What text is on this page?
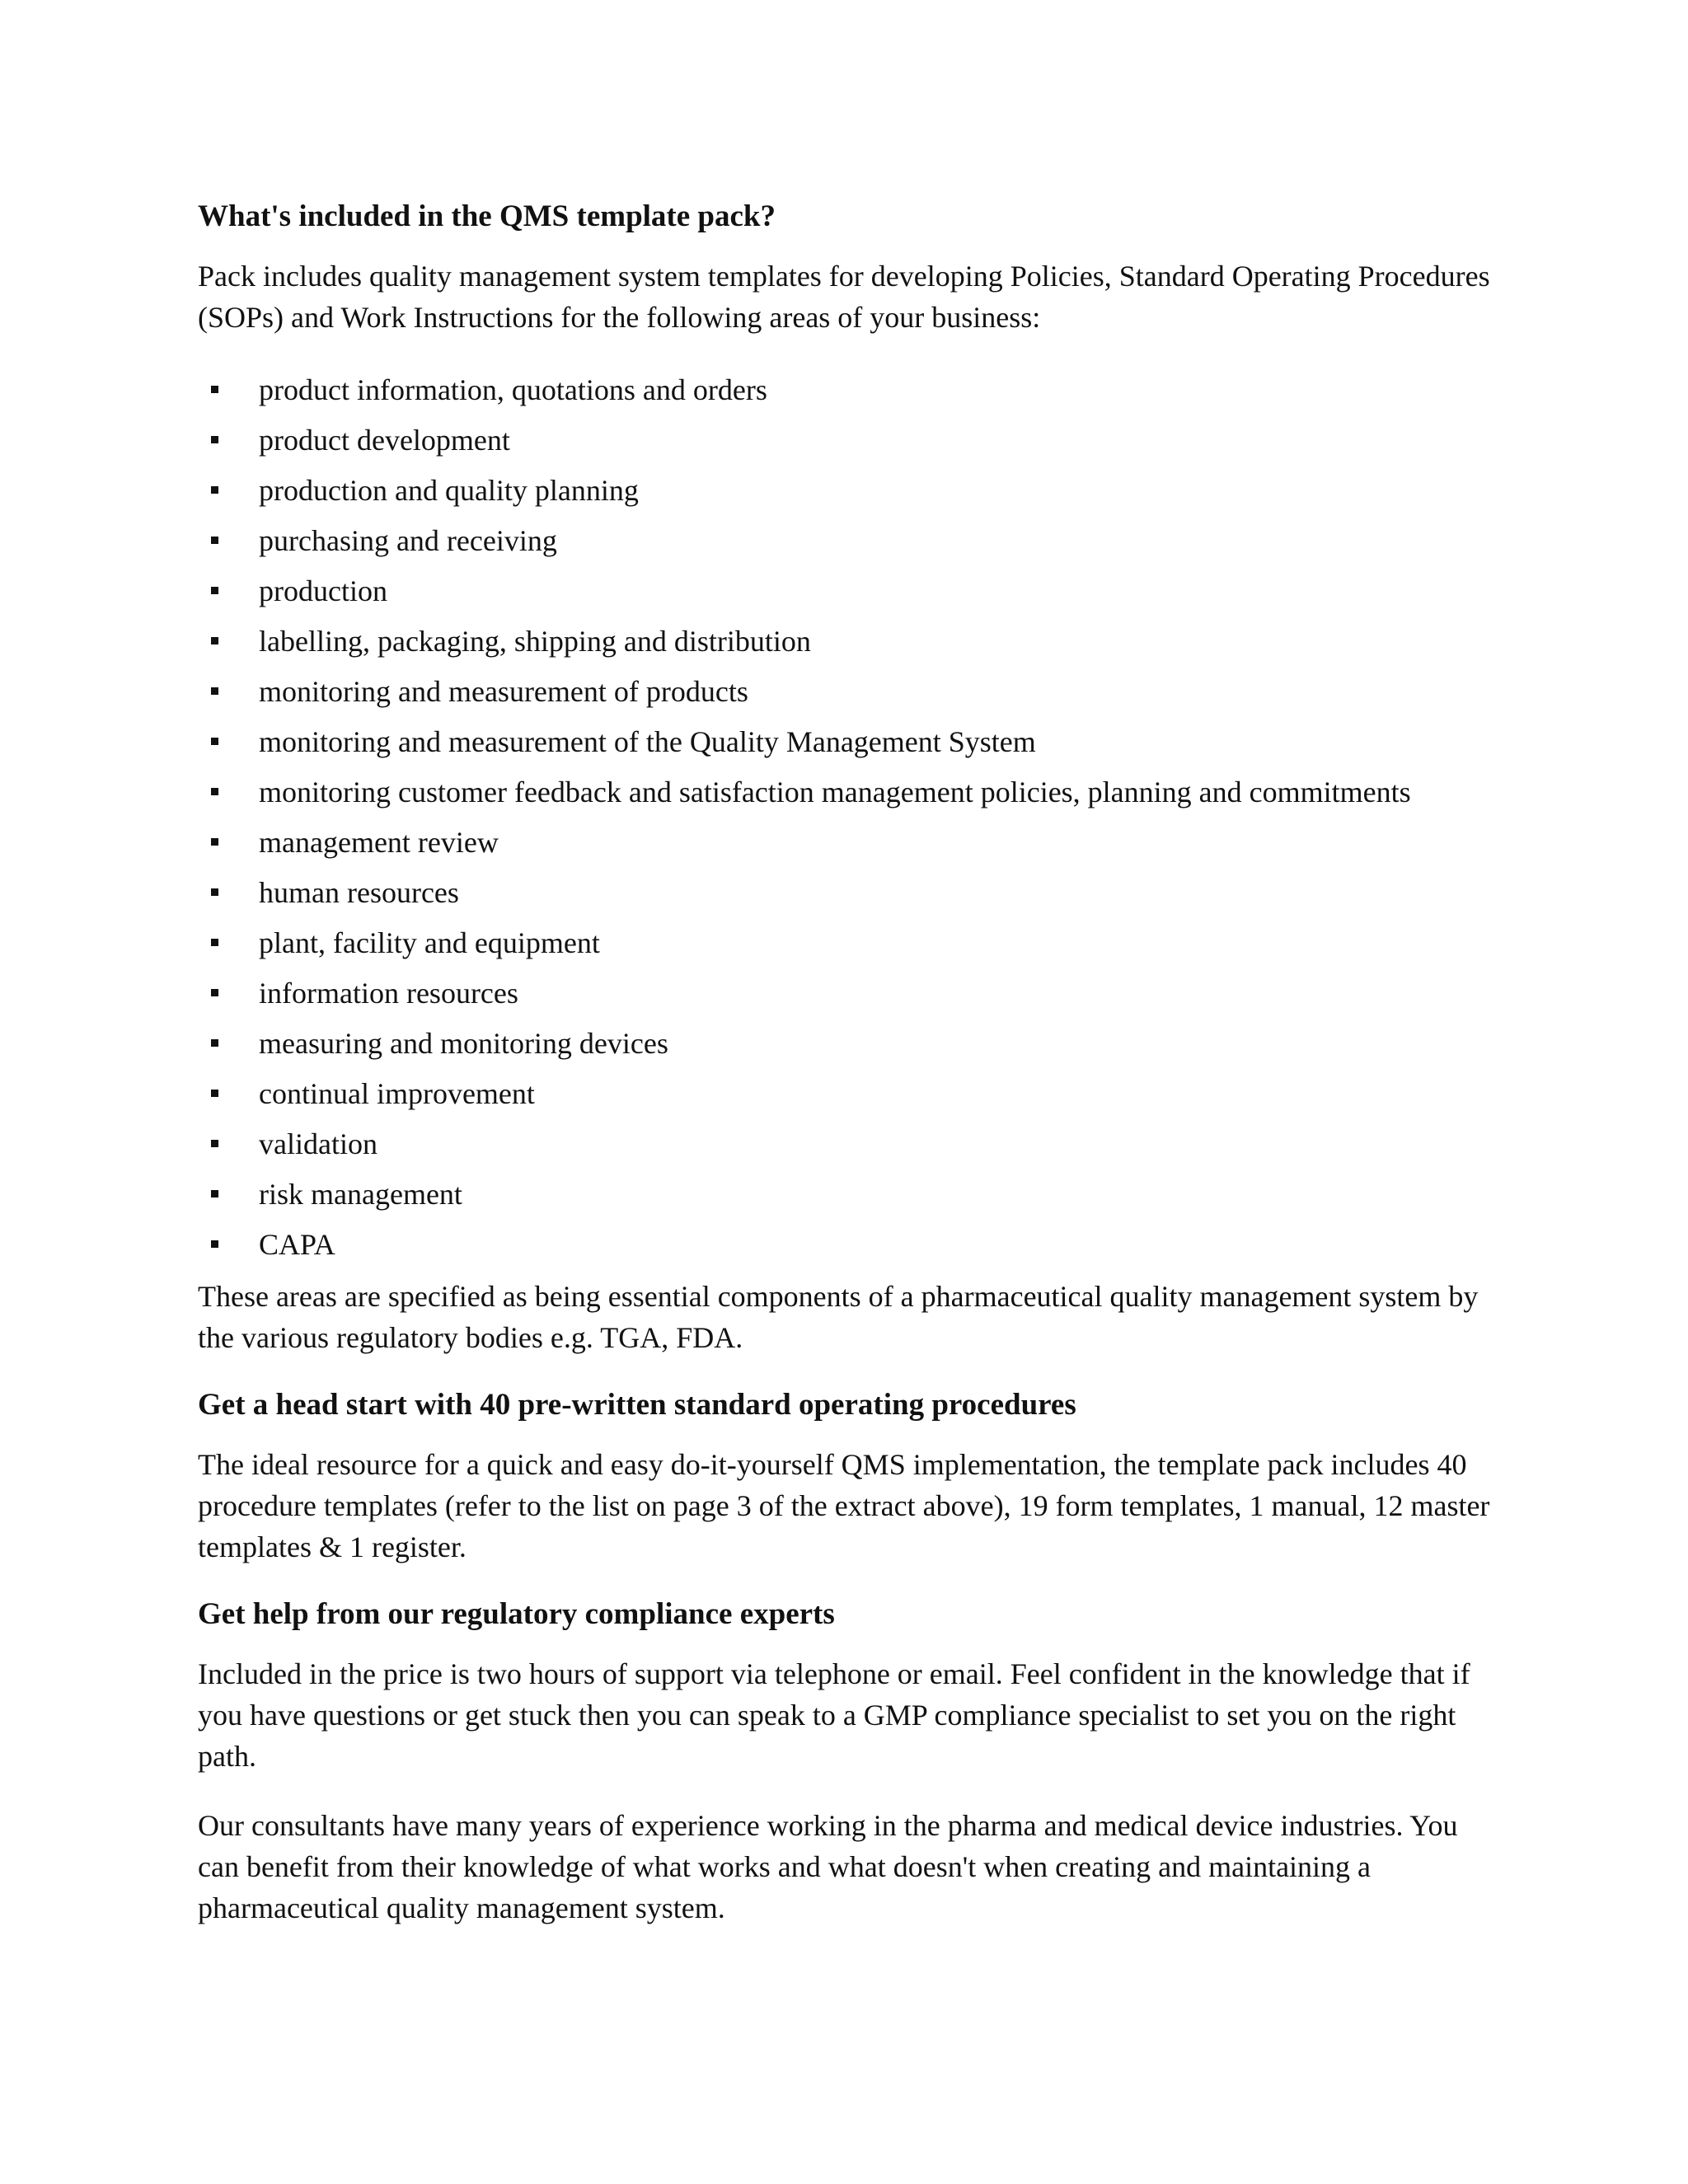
What's included in the QMS template pack?

Pack includes quality management system templates for developing Policies, Standard Operating Procedures (SOPs) and Work Instructions for the following areas of your business:

product information, quotations and orders
product development
production and quality planning
purchasing and receiving
production
labelling, packaging, shipping and distribution
monitoring and measurement of products
monitoring and measurement of the Quality Management System
monitoring customer feedback and satisfaction management policies, planning and commitments
management review
human resources
plant, facility and equipment
information resources
measuring and monitoring devices
continual improvement
validation
risk management
CAPA

These areas are specified as being essential components of a pharmaceutical quality management system by the various regulatory bodies e.g. TGA, FDA.

Get a head start with 40 pre-written standard operating procedures

The ideal resource for a quick and easy do-it-yourself QMS implementation, the template pack includes 40 procedure templates (refer to the list on page 3 of the extract above), 19 form templates, 1 manual, 12 master templates & 1 register.

Get help from our regulatory compliance experts

Included in the price is two hours of support via telephone or email. Feel confident in the knowledge that if you have questions or get stuck then you can speak to a GMP compliance specialist to set you on the right path.

Our consultants have many years of experience working in the pharma and medical device industries. You can benefit from their knowledge of what works and what doesn't when creating and maintaining a pharmaceutical quality management system.
